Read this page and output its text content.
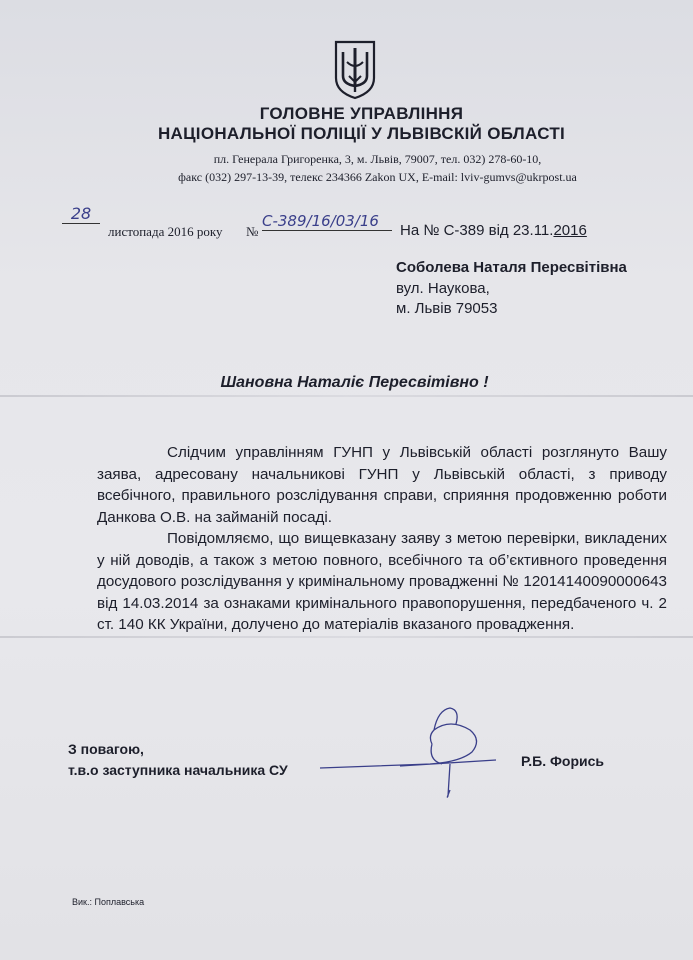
ГОЛОВНЕ УПРАВЛІННЯ
НАЦІОНАЛЬНОЇ ПОЛІЦІЇ У ЛЬВІВСКІЙ ОБЛАСТІ
пл. Генерала Григоренка, 3, м. Львів, 79007, тел. 032) 278-60-10,
факс (032) 297-13-39, телекс 234366 Zakon UX, E-mail: lviv-gumvs@ukrpost.ua
28
листопада 2016 року №
С-389/16/03/16
На № С-389 від 23.11.2016
Соболева Наталя Пересвітівна
вул. Наукова,
м. Львів 79053
Шановна Наталіє Пересвітівно !

Слідчим управлінням ГУНП у Львівській області розглянуто Вашу заява, адресовану начальникові ГУНП у Львівській області, з приводу всебічного, правильного розслідування справи, сприяння продовженню роботи Данкова О.В. на займаній посаді.

Повідомляємо, що вищевказану заяву з метою перевірки, викладених у ній доводів, а також з метою повного, всебічного та об’єктивного проведення досудового розслідування у кримінальному провадженні № 12014140090000643 від 14.03.2014 за ознаками кримінального правопорушення, передбаченого ч. 2 ст. 140 КК України, долучено до матеріалів вказаного провадження.

З повагою,
т.в.о заступника начальника СУ
Р.Б. Форись
Вик.: Поплавська
